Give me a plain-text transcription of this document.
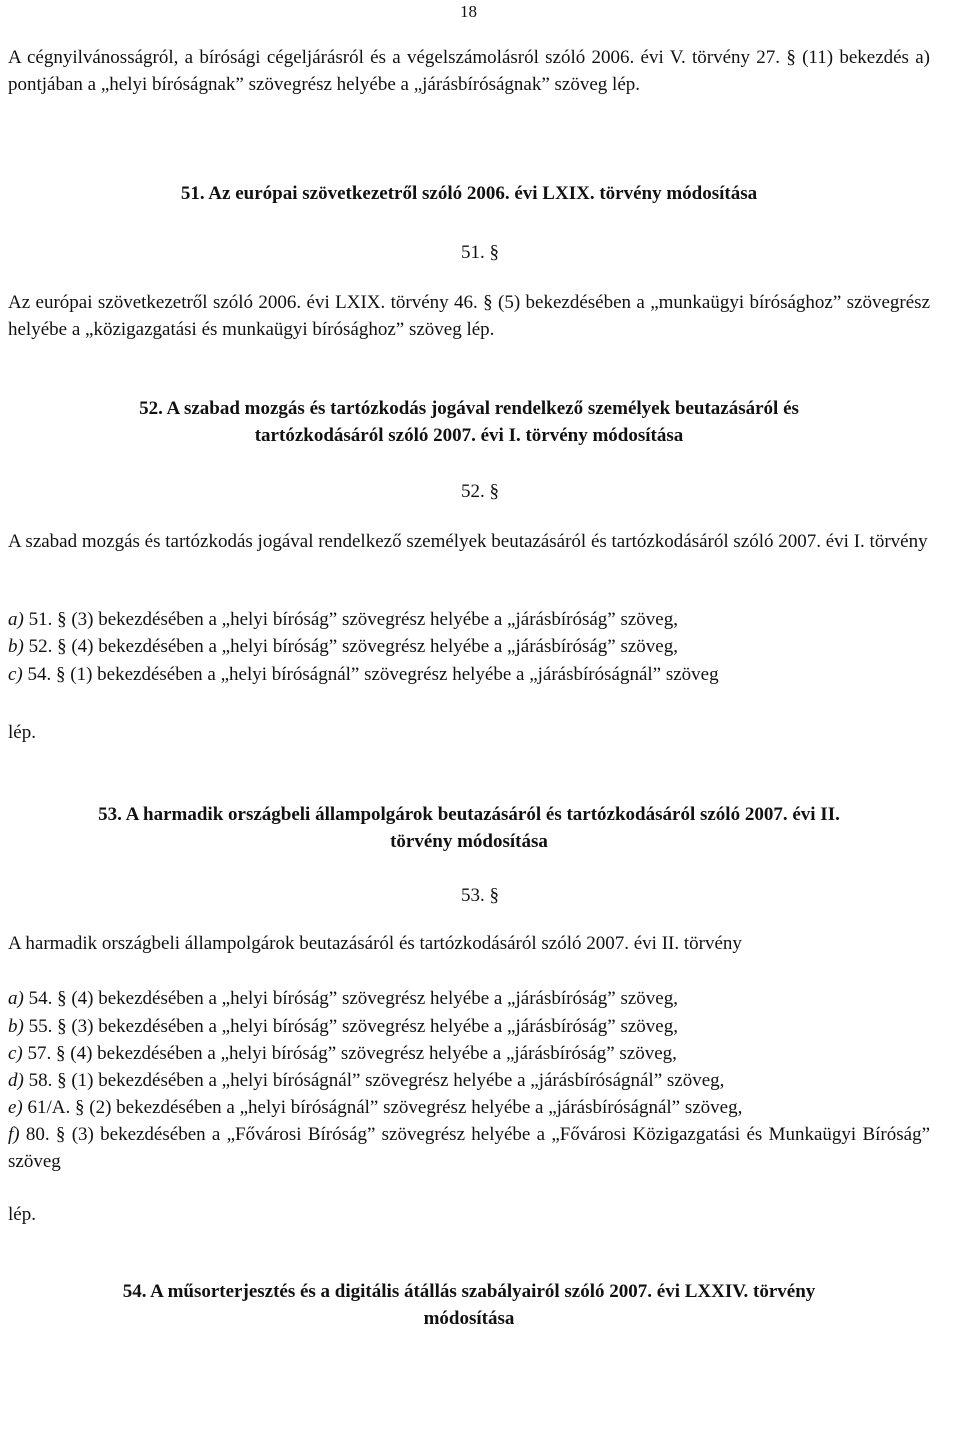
18
A cégnyilvánosságról, a bírósági cégeljárásról és a végelszámolásról szóló 2006. évi V. törvény 27. § (11) bekezdés a) pontjában a „helyi bíróságnak” szövegrész helyébe a „járásbíróságnak” szöveg lép.
51. Az európai szövetkezetről szóló 2006. évi LXIX. törvény módosítása
51. §
Az európai szövetkezetről szóló 2006. évi LXIX. törvény 46. § (5) bekezdésében a „munkaügyi bírósághoz” szövegrész helyébe a „közigazgatási és munkaügyi bírósághoz” szöveg lép.
52. A szabad mozgás és tartózkodás jogával rendelkező személyek beutazásáról és
tartózkodásáról szóló 2007. évi I. törvény módosítása
52. §
A szabad mozgás és tartózkodás jogával rendelkező személyek beutazásáról és tartózkodásáról szóló 2007. évi I. törvény
a) 51. § (3) bekezdésében a „helyi bíróság” szövegrész helyébe a „járásbíróság” szöveg,
b) 52. § (4) bekezdésében a „helyi bíróság” szövegrész helyébe a „járásbíróság” szöveg,
c) 54. § (1) bekezdésében a „helyi bíróságnál” szövegrész helyébe a „járásbíróságnál” szöveg
lép.
53. A harmadik országbeli állampolgárok beutazásáról és tartózkodásáról szóló 2007. évi II.
törvény módosítása
53. §
A harmadik országbeli állampolgárok beutazásáról és tartózkodásáról szóló 2007. évi II. törvény
a) 54. § (4) bekezdésében a „helyi bíróság” szövegrész helyébe a „járásbíróság” szöveg,
b) 55. § (3) bekezdésében a „helyi bíróság” szövegrész helyébe a „járásbíróság” szöveg,
c) 57. § (4) bekezdésében a „helyi bíróság” szövegrész helyébe a „járásbíróság” szöveg,
d) 58. § (1) bekezdésében a „helyi bíróságnál” szövegrész helyébe a „járásbíróságnál” szöveg,
e) 61/A. § (2) bekezdésében a „helyi bíróságnál” szövegrész helyébe a „járásbíróságnál” szöveg,
f) 80. § (3) bekezdésében a „Fővárosi Bíróság” szövegrész helyébe a „Fővárosi Közigazgatási és Munkaügyi Bíróság” szöveg
lép.
54. A műsorterjesztés és a digitális átállás szabályairól szóló 2007. évi LXXIV. törvény
módosítása
